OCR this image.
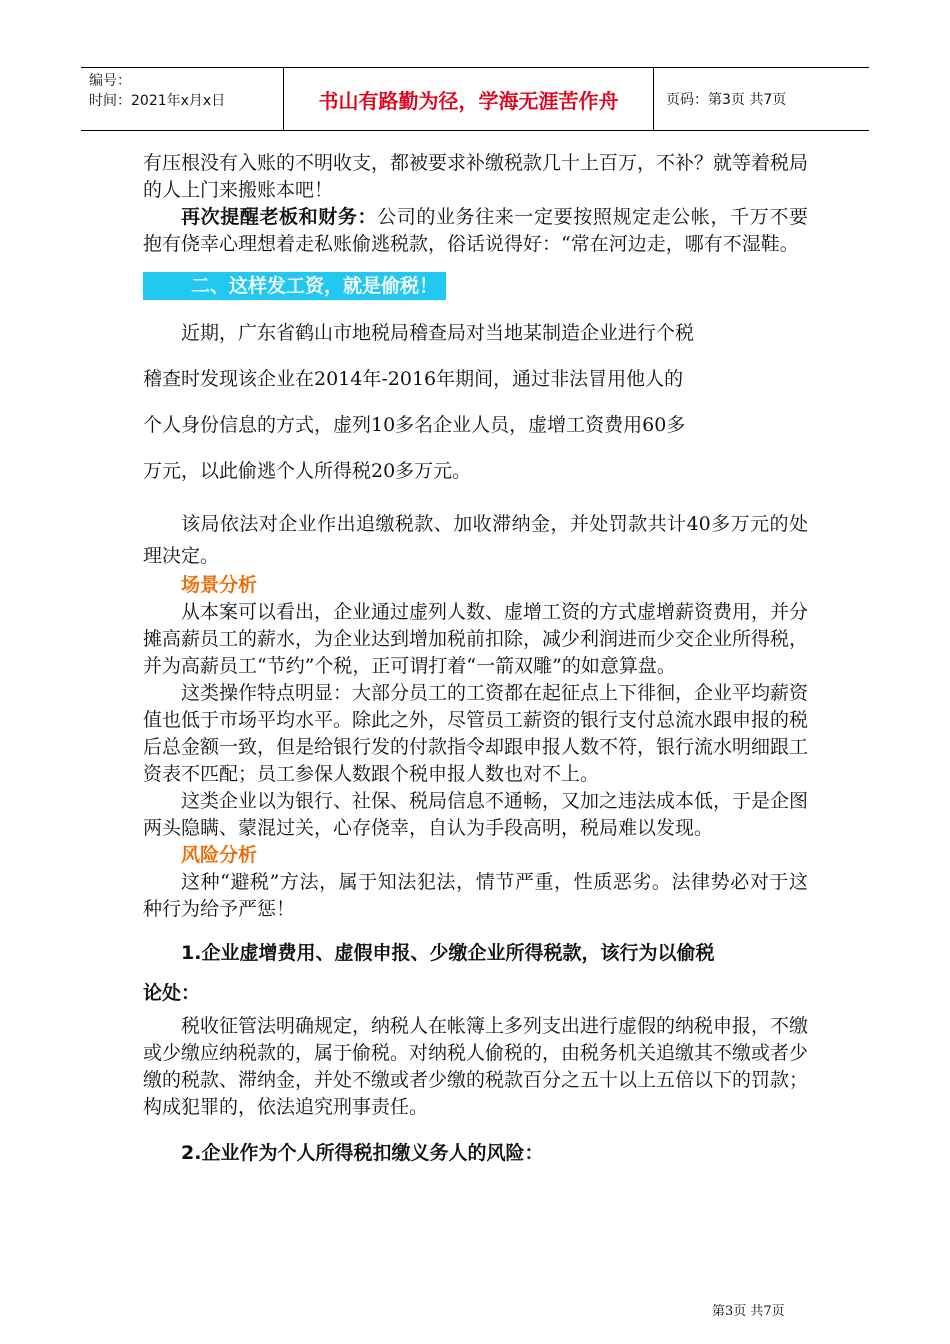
编号：
时间：2021年x月x日	书山有路勤为径，学海无涯苦作舟	页码：第3页 共7页

有压根没有入账的不明收支，都被要求补缴税款几十上百万，不补？就等着税局的人上门来搬账本吧！

再次提醒老板和财务：公司的业务往来一定要按照规定走公帐，千万不要抱有侥幸心理想着走私账偷逃税款，俗话说得好：“常在河边走，哪有不湿鞋。

二、这样发工资，就是偷税！

近期，广东省鹤山市地税局稽查局对当地某制造企业进行个税

稽查时发现该企业在2014年-2016年期间，通过非法冒用他人的

个人身份信息的方式，虚列10多名企业人员，虚增工资费用60多

万元，以此偷逃个人所得税20多万元。

该局依法对企业作出追缴税款、加收滞纳金，并处罚款共计40多万元的处理决定。

场景分析

从本案可以看出，企业通过虚列人数、虚增工资的方式虚增薪资费用，并分摊高薪员工的薪水，为企业达到增加税前扣除，减少利润进而少交企业所得税，并为高薪员工“节约”个税，正可谓打着“一箭双雕”的如意算盘。

这类操作特点明显：大部分员工的工资都在起征点上下徘徊，企业平均薪资值也低于市场平均水平。除此之外，尽管员工薪资的银行支付总流水跟申报的税后总金额一致，但是给银行发的付款指令却跟申报人数不符，银行流水明细跟工资表不匹配；员工参保人数跟个税申报人数也对不上。

这类企业以为银行、社保、税局信息不通畅，又加之违法成本低，于是企图两头隐瞒、蒙混过关，心存侥幸，自认为手段高明，税局难以发现。

风险分析

这种“避税”方法，属于知法犯法，情节严重，性质恶劣。法律势必对于这种行为给予严惩！

1.企业虚增费用、虚假申报、少缴企业所得税款，该行为以偷税

论处：

税收征管法明确规定，纳税人在帐簿上多列支出进行虚假的纳税申报，不缴或少缴应纳税款的，属于偷税。对纳税人偷税的，由税务机关追缴其不缴或者少缴的税款、滞纳金，并处不缴或者少缴的税款百分之五十以上五倍以下的罚款；构成犯罪的，依法追究刑事责任。

2.企业作为个人所得税扣缴义务人的风险：

第3页 共7页
